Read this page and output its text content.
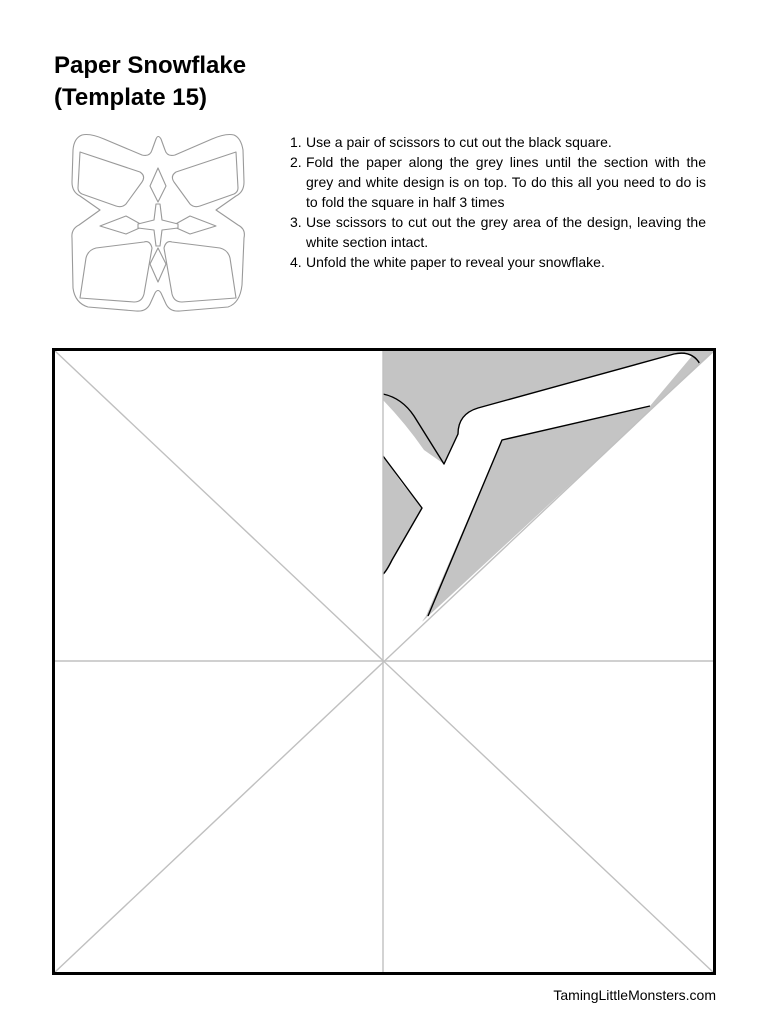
Paper Snowflake
(Template 15)
1. Use a pair of scissors to cut out the black square.
2. Fold the paper along the grey lines until the section with the grey and white design is on top. To do this all you need to do is to fold the square in half 3 times
3. Use scissors to cut out the grey area of the design, leaving the white section intact.
4. Unfold the white paper to reveal your snowflake.
TamingLittleMonsters.com
